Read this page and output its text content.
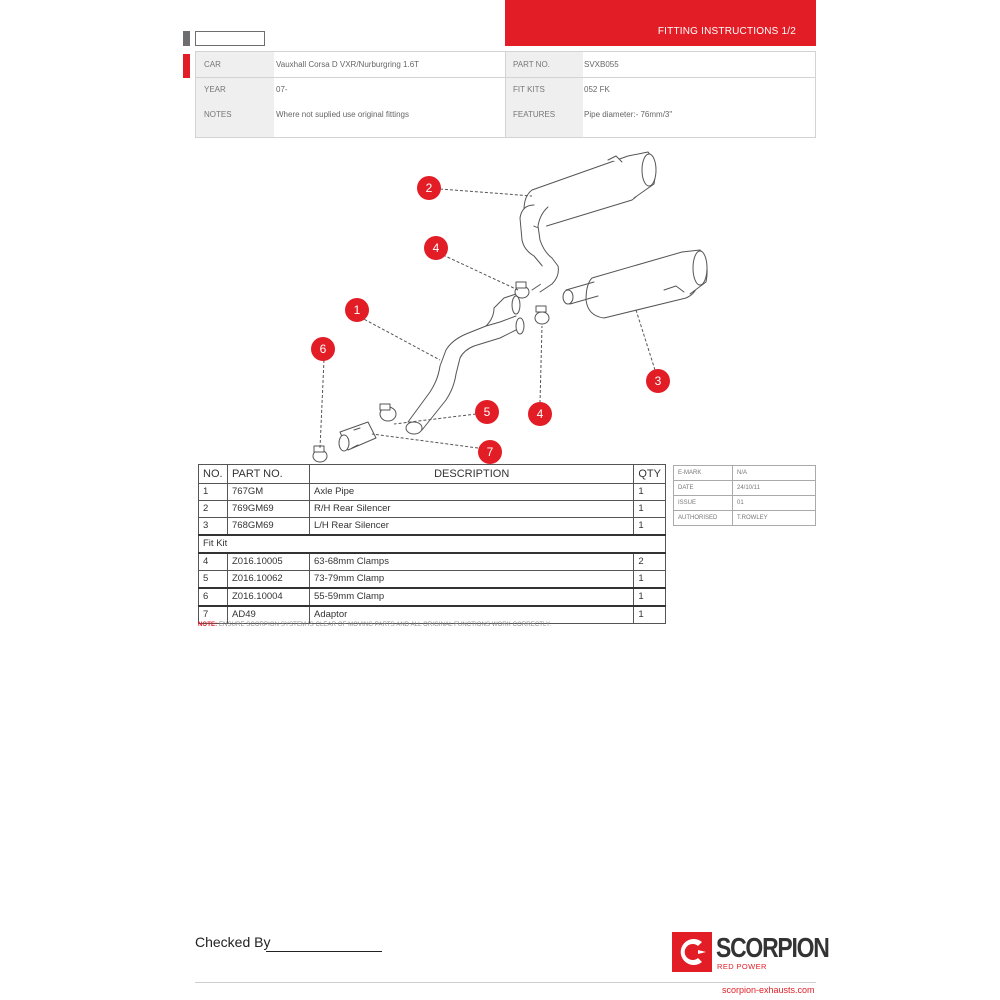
FITTING INSTRUCTIONS 1/2
CAR	Vauxhall Corsa D VXR/Nurburgring 1.6T
YEAR	07-
NOTES	Where not suplied use original fittings
PART NO.	SVXB055
FIT KITS	052 FK
FEATURES	Pipe diameter:- 76mm/3"
2
4
1
6
5	4
3
7
NO.	PART NO.	DESCRIPTION	QTY
1	767GM	Axle Pipe	1
2	769GM69	R/H Rear Silencer	1
3	768GM69	L/H Rear Silencer	1
Fit Kit			
4	Z016.10005	63-68mm Clamps	2
5	Z016.10062	73-79mm Clamp	1
6	Z016.10004	55-59mm Clamp	1
7	AD49	Adaptor	1
NOTE: ENSURE SCORPION SYSTEM IS CLEAR OF MOVING PARTS AND ALL ORIGINAL FUNCTIONS WORK CORRECTLY.
E-MARK	N/A
DATE	24/10/11
ISSUE	01
AUTHORISED	T.ROWLEY
Checked By	SCORPION
RED POWER
scorpion-exhausts.com
